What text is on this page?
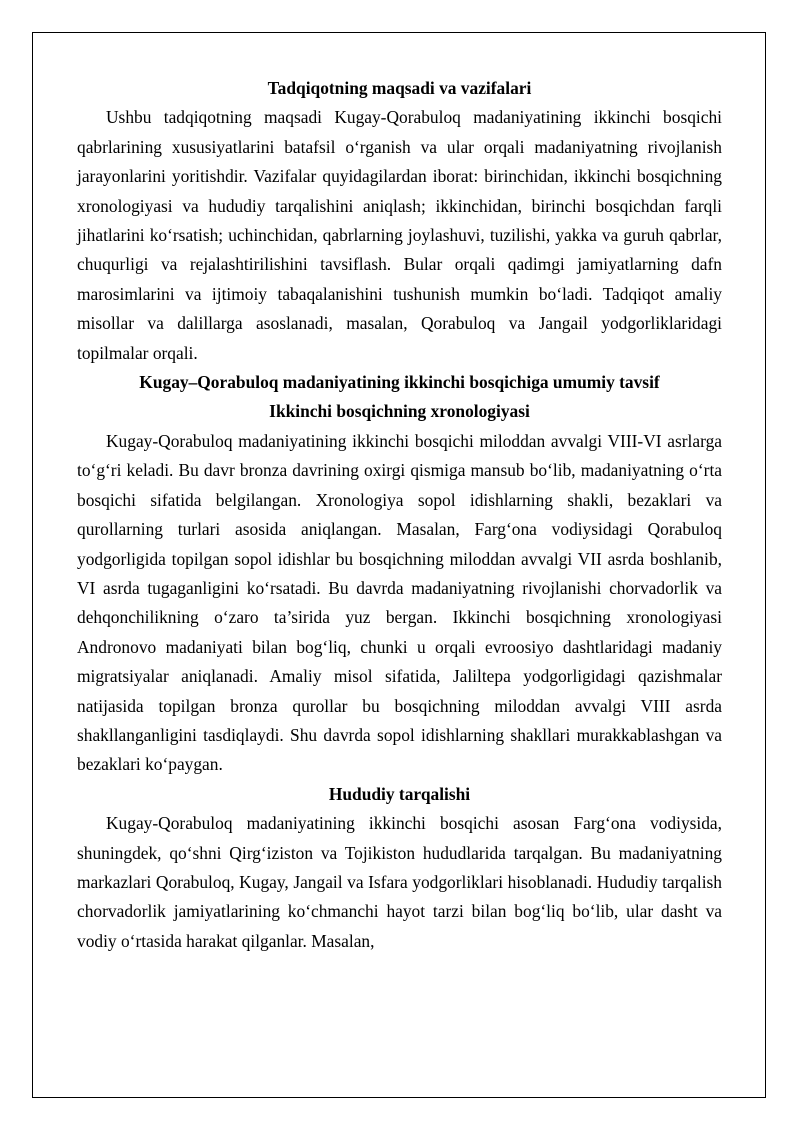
Tadqiqotning maqsadi va vazifalari

Ushbu tadqiqotning maqsadi Kugay-Qorabuloq madaniyatining ikkinchi bosqichi qabrlarining xususiyatlarini batafsil o‘rganish va ular orqali madaniyatning rivojlanish jarayonlarini yoritishdir. Vazifalar quyidagilardan iborat: birinchidan, ikkinchi bosqichning xronologiyasi va hududiy tarqalishini aniqlash; ikkinchidan, birinchi bosqichdan farqli jihatlarini ko‘rsatish; uchinchidan, qabrlarning joylashuvi, tuzilishi, yakka va guruh qabrlar, chuqurligi va rejalashtirilishini tavsiflash. Bular orqali qadimgi jamiyatlarning dafn marosimlarini va ijtimoiy tabaqalanishini tushunish mumkin bo‘ladi. Tadqiqot amaliy misollar va dalillarga asoslanadi, masalan, Qorabuloq va Jangail yodgorliklaridagi topilmalar orqali.

Kugay–Qorabuloq madaniyatining ikkinchi bosqichiga umumiy tavsif

Ikkinchi bosqichning xronologiyasi

Kugay-Qorabuloq madaniyatining ikkinchi bosqichi miloddan avvalgi VIII-VI asrlarga to‘g‘ri keladi. Bu davr bronza davrining oxirgi qismiga mansub bo‘lib, madaniyatning o‘rta bosqichi sifatida belgilangan. Xronologiya sopol idishlarning shakli, bezaklari va qurollarning turlari asosida aniqlangan. Masalan, Farg‘ona vodiysidagi Qorabuloq yodgorligida topilgan sopol idishlar bu bosqichning miloddan avvalgi VII asrda boshlanib, VI asrda tugaganligini ko‘rsatadi. Bu davrda madaniyatning rivojlanishi chorvadorlik va dehqonchilikning o‘zaro ta’sirida yuz bergan. Ikkinchi bosqichning xronologiyasi Andronovo madaniyati bilan bog‘liq, chunki u orqali evroosiyo dashtlaridagi madaniy migratsiyalar aniqlanadi. Amaliy misol sifatida, Jaliltepa yodgorligidagi qazishmalar natijasida topilgan bronza qurollar bu bosqichning miloddan avvalgi VIII asrda shakllanganligini tasdiqlaydi. Shu davrda sopol idishlarning shakllari murakkablashgan va bezaklari ko‘paygan.

Hududiy tarqalishi

Kugay-Qorabuloq madaniyatining ikkinchi bosqichi asosan Farg‘ona vodiysida, shuningdek, qo‘shni Qirg‘iziston va Tojikiston hududlarida tarqalgan. Bu madaniyatning markazlari Qorabuloq, Kugay, Jangail va Isfara yodgorliklari hisoblanadi. Hududiy tarqalish chorvadorlik jamiyatlarining ko‘chmanchi hayot tarzi bilan bog‘liq bo‘lib, ular dasht va vodiy o‘rtasida harakat qilganlar. Masalan,
